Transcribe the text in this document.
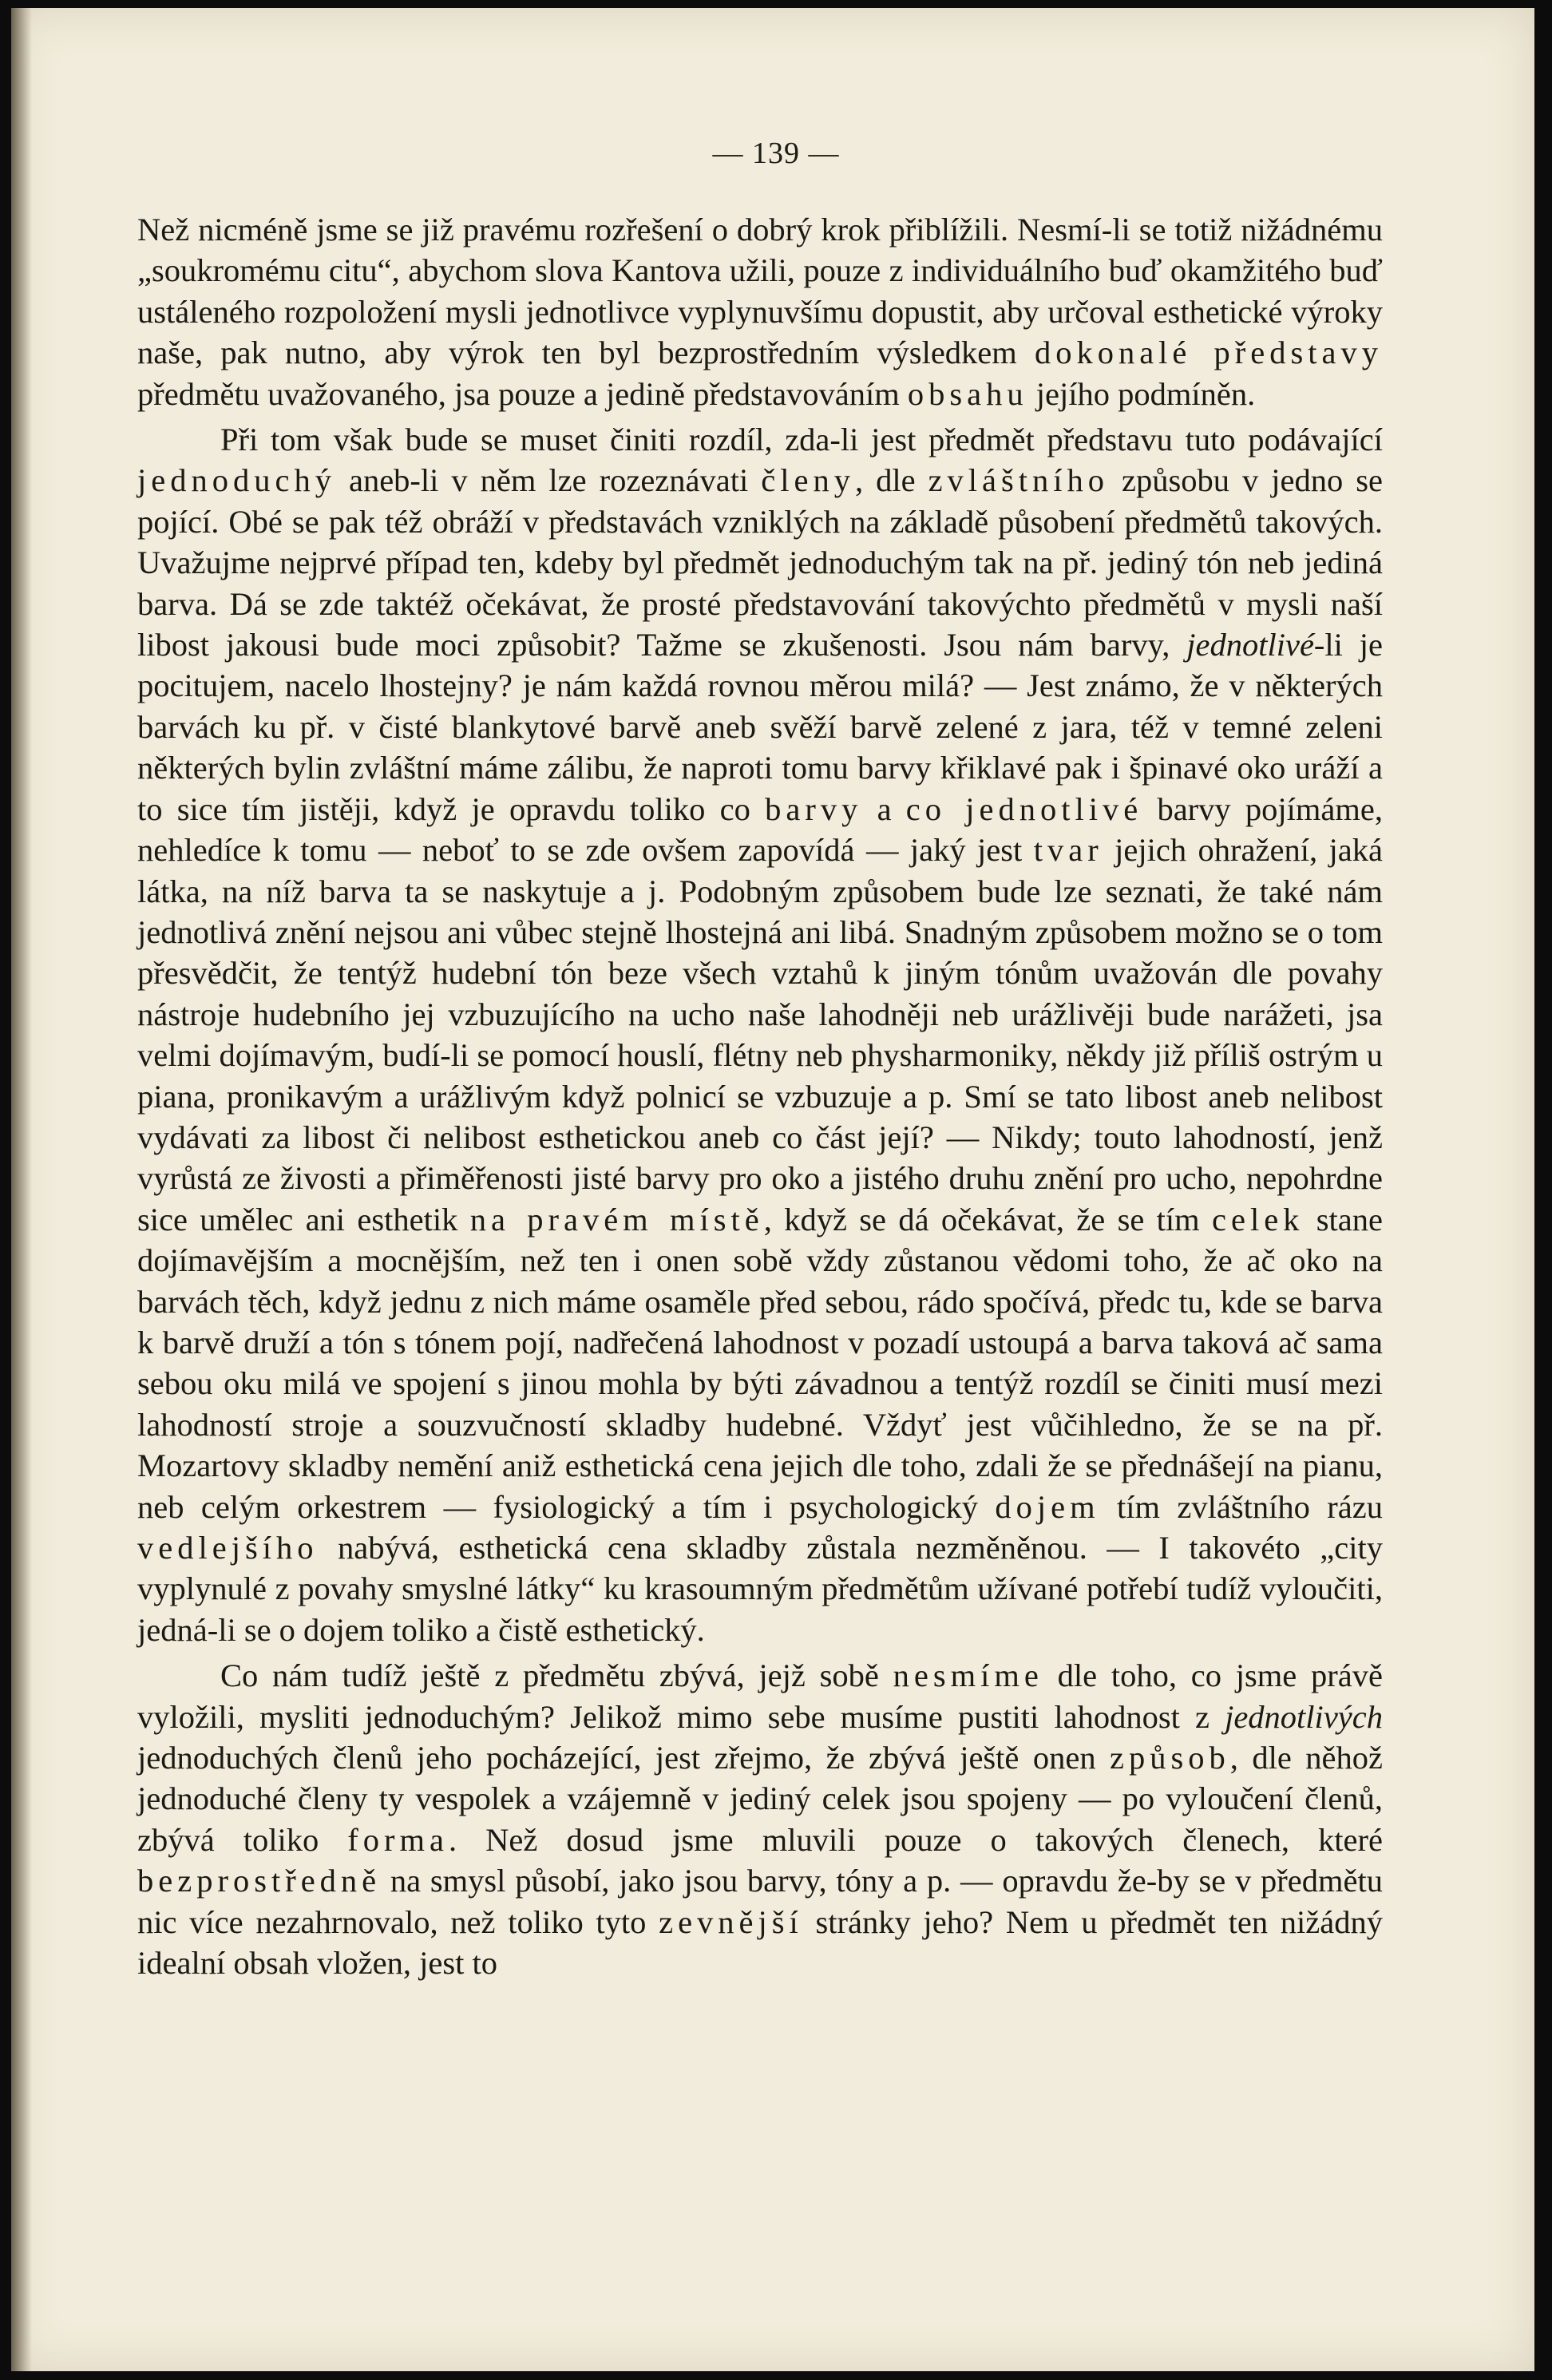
— 139 —

Než nicméně jsme se již pravému rozřešení o dobrý krok přiblížili. Nesmí-li se totiž nižádnému „soukromému citu“, abychom slova Kantova užili, pouze z individuálního buď okamžitého buď ustáleného rozpoložení mysli jednotlivce vyplynuvšímu dopustit, aby určoval esthetické výroky naše, pak nutno, aby výrok ten byl bezprostředním výsledkem dokonalé představy předmětu uvažovaného, jsa pouze a jedině představováním obsahu jejího podmíněn.

Při tom však bude se muset činiti rozdíl, zda-li jest předmět představu tuto podávající jednoduchý aneb-li v něm lze rozeznávati členy, dle zvláštního způsobu v jedno se pojící. Obé se pak též obráží v představách vzniklých na základě působení předmětů takových. Uvažujme nejprvé případ ten, kdeby byl předmět jednoduchým tak na př. jediný tón neb jediná barva. Dá se zde taktéž očekávat, že prosté představování takovýchto předmětů v mysli naší libost jakousi bude moci způsobit? Tažme se zkušenosti. Jsou nám barvy, jednotlivé-li je pocitujem, nacelo lhostejny? je nám každá rovnou měrou milá? — Jest známo, že v některých barvách ku př. v čisté blankytové barvě aneb svěží barvě zelené z jara, též v temné zeleni některých bylin zvláštní máme zálibu, že naproti tomu barvy křiklavé pak i špinavé oko uráží a to sice tím jistěji, když je opravdu toliko co barvy a co jednotlivé barvy pojímáme, nehledíce k tomu — neboť to se zde ovšem zapovídá — jaký jest tvar jejich ohražení, jaká látka, na níž barva ta se naskytuje a j. Podobným způsobem bude lze seznati, že také nám jednotlivá znění nejsou ani vůbec stejně lhostejná ani libá. Snadným způsobem možno se o tom přesvědčit, že tentýž hudební tón beze všech vztahů k jiným tónům uvažován dle povahy nástroje hudebního jej vzbuzujícího na ucho naše lahodněji neb urážlivěji bude narážeti, jsa velmi dojímavým, budí-li se pomocí houslí, flétny neb physharmoniky, někdy již příliš ostrým u piana, pronikavým a urážlivým když polnicí se vzbuzuje a p. Smí se tato libost aneb nelibost vydávati za libost či nelibost esthetickou aneb co část její? — Nikdy; touto lahodností, jenž vyrůstá ze živosti a přiměřenosti jisté barvy pro oko a jistého druhu znění pro ucho, nepohrdne sice umělec ani esthetik na pravém místě, když se dá očekávat, že se tím celek stane dojímavějším a mocnějším, než ten i onen sobě vždy zůstanou vědomi toho, že ač oko na barvách těch, když jednu z nich máme osaměle před sebou, rádo spočívá, předc tu, kde se barva k barvě druží a tón s tónem pojí, nadřečená lahodnost v pozadí ustoupá a barva taková ač sama sebou oku milá ve spojení s jinou mohla by býti závadnou a tentýž rozdíl se činiti musí mezi lahodností stroje a souzvučností skladby hudebné. Vždyť jest vůčihledno, že se na př. Mozartovy skladby nemění aniž esthetická cena jejich dle toho, zdali že se přednášejí na pianu, neb celým orkestrem — fysiologický a tím i psychologický dojem tím zvláštního rázu vedlejšího nabývá, esthetická cena skladby zůstala nezměněnou. — I takovéto „city vyplynulé z povahy smyslné látky“ ku krasoumným předmětům užívané potřebí tudíž vyloučiti, jedná-li se o dojem toliko a čistě esthetický.

Co nám tudíž ještě z předmětu zbývá, jejž sobě nesmíme dle toho, co jsme právě vyložili, mysliti jednoduchým? Jelikož mimo sebe musíme pustiti lahodnost z jednotlivých jednoduchých členů jeho pocházející, jest zřejmo, že zbývá ještě onen způsob, dle něhož jednoduché členy ty vespolek a vzájemně v jediný celek jsou spojeny — po vyloučení členů, zbývá toliko forma. Než dosud jsme mluvili pouze o takových členech, které bezprostředně na smysl působí, jako jsou barvy, tóny a p. — opravdu že-by se v předmětu nic více nezahrnovalo, než toliko tyto zevnější stránky jeho? Nem u předmět ten nižádný idealní obsah vložen, jest to
